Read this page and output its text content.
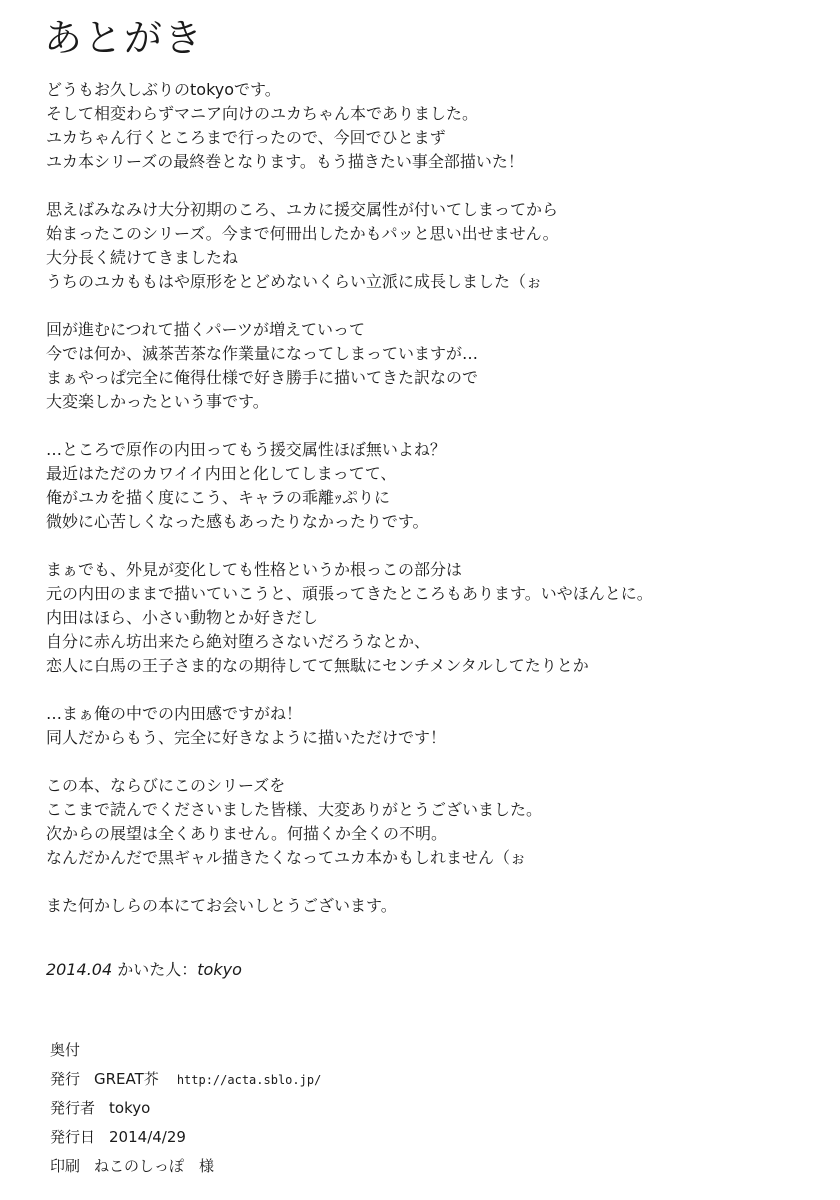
あとがき
どうもお久しぶりのtokyoです。
そして相変わらずマニア向けのユカちゃん本でありました。
ユカちゃん行くところまで行ったので、今回でひとまず
ユカ本シリーズの最終巻となります。もう描きたい事全部描いた！
思えばみなみけ大分初期のころ、ユカに援交属性が付いてしまってから
始まったこのシリーズ。今まで何冊出したかもパッと思い出せません。
大分長く続けてきましたね
うちのユカももはや原形をとどめないくらい立派に成長しました（ぉ
回が進むにつれて描くパーツが増えていって
今では何か、滅茶苦茶な作業量になってしまっていますが…
まぁやっぱ完全に俺得仕様で好き勝手に描いてきた訳なので
大変楽しかったという事です。
…ところで原作の内田ってもう援交属性ほぼ無いよね？
最近はただのカワイイ内田と化してしまってて、
俺がユカを描く度にこう、キャラの乖離ｯぷりに
微妙に心苦しくなった感もあったりなかったりです。
まぁでも、外見が変化しても性格というか根っこの部分は
元の内田のままで描いていこうと、頑張ってきたところもあります。いやほんとに。
内田はほら、小さい動物とか好きだし
自分に赤ん坊出来たら絶対堕ろさないだろうなとか、
恋人に白馬の王子さま的なの期待してて無駄にセンチメンタルしてたりとか
…まぁ俺の中での内田感ですがね！
同人だからもう、完全に好きなように描いただけです！
この本、ならびにこのシリーズを
ここまで読んでくださいました皆様、大変ありがとうございました。
次からの展望は全くありません。何描くか全くの不明。
なんだかんだで黒ギャル描きたくなってユカ本かもしれません（ぉ
また何かしらの本にてお会いしとうございます。
2014.04 かいた人：tokyo
奥付
発行 GREAT芥 http://acta.sblo.jp/
発行者 tokyo
発行日 2014/4/29
印刷 ねこのしっぽ　様
